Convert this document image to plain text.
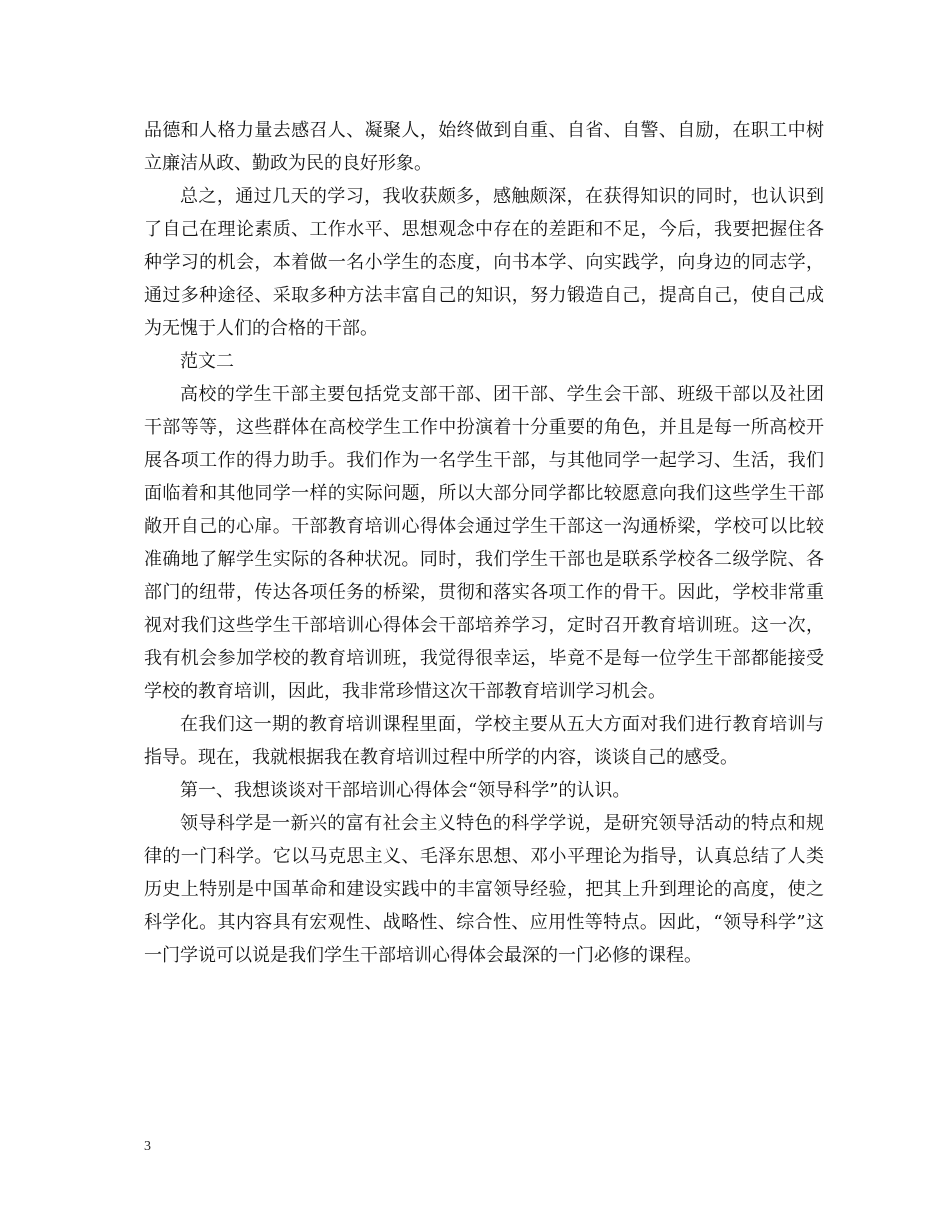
品德和人格力量去感召人、凝聚人，始终做到自重、自省、自警、自励，在职工中树立廉洁从政、勤政为民的良好形象。

总之，通过几天的学习，我收获颇多，感触颇深，在获得知识的同时，也认识到了自己在理论素质、工作水平、思想观念中存在的差距和不足，今后，我要把握住各种学习的机会，本着做一名小学生的态度，向书本学、向实践学，向身边的同志学，通过多种途径、采取多种方法丰富自己的知识，努力锻造自己，提高自己，使自己成为无愧于人们的合格的干部。

范文二

高校的学生干部主要包括党支部干部、团干部、学生会干部、班级干部以及社团干部等等，这些群体在高校学生工作中扮演着十分重要的角色，并且是每一所高校开展各项工作的得力助手。我们作为一名学生干部，与其他同学一起学习、生活，我们面临着和其他同学一样的实际问题，所以大部分同学都比较愿意向我们这些学生干部敞开自己的心扉。干部教育培训心得体会通过学生干部这一沟通桥梁，学校可以比较准确地了解学生实际的各种状况。同时，我们学生干部也是联系学校各二级学院、各部门的纽带，传达各项任务的桥梁，贯彻和落实各项工作的骨干。因此，学校非常重视对我们这些学生干部培训心得体会干部培养学习，定时召开教育培训班。这一次，我有机会参加学校的教育培训班，我觉得很幸运，毕竟不是每一位学生干部都能接受学校的教育培训，因此，我非常珍惜这次干部教育培训学习机会。

在我们这一期的教育培训课程里面，学校主要从五大方面对我们进行教育培训与指导。现在，我就根据我在教育培训过程中所学的内容，谈谈自己的感受。

第一、我想谈谈对干部培训心得体会“领导科学”的认识。

领导科学是一新兴的富有社会主义特色的科学学说，是研究领导活动的特点和规律的一门科学。它以马克思主义、毛泽东思想、邓小平理论为指导，认真总结了人类历史上特别是中国革命和建设实践中的丰富领导经验，把其上升到理论的高度，使之科学化。其内容具有宏观性、战略性、综合性、应用性等特点。因此，“领导科学”这一门学说可以说是我们学生干部培训心得体会最深的一门必修的课程。

3
